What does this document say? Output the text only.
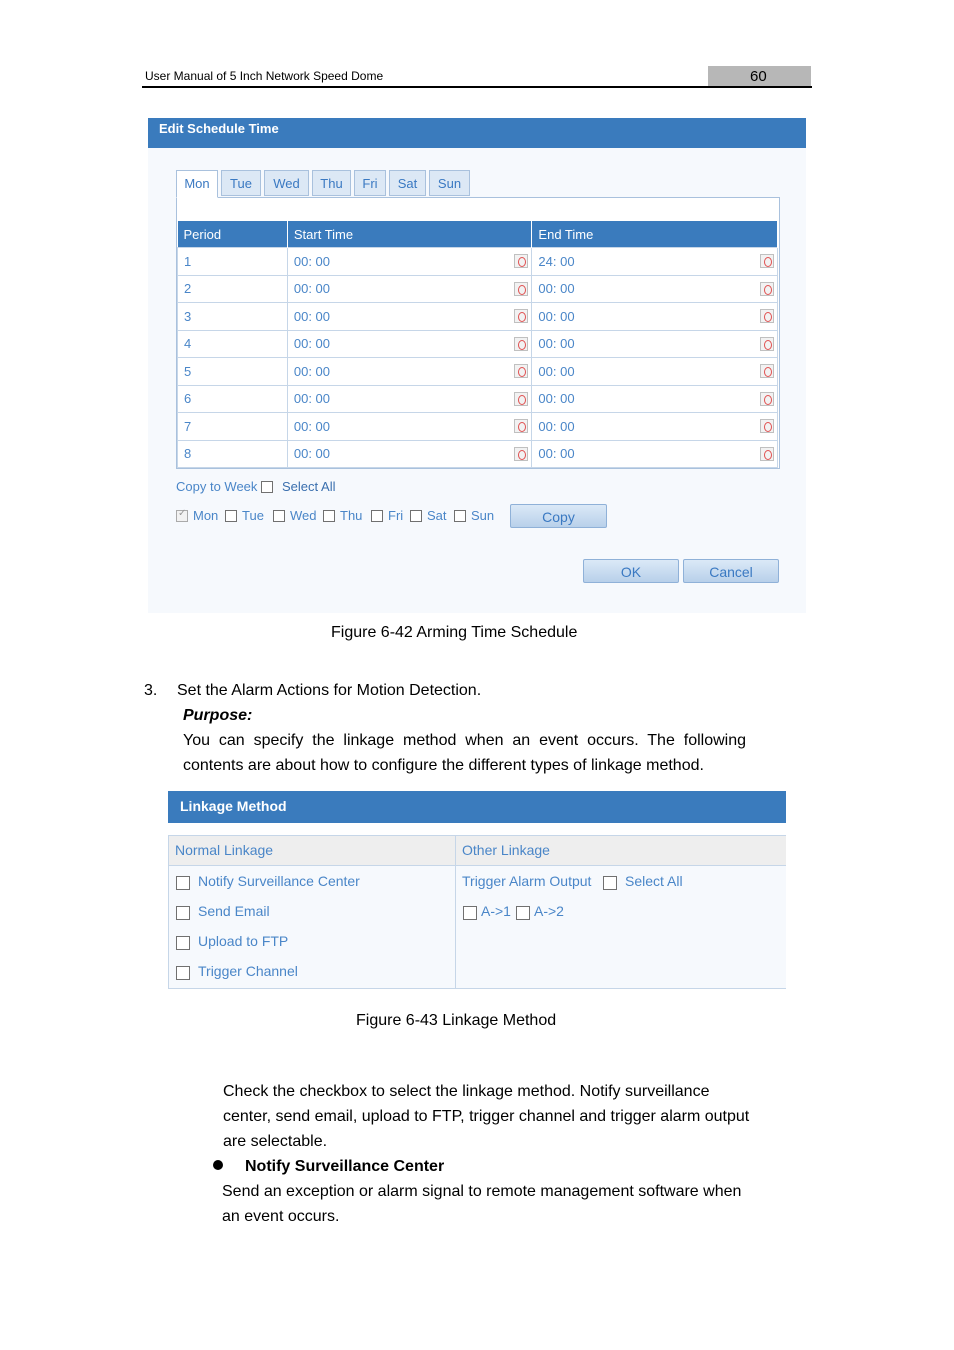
User Manual of 5 Inch Network Speed Dome	60
Edit Schedule Time
Mon	Tue	Wed	Thu	Fri	Sat	Sun
Period	Start Time	End Time
1	00: 00	24: 00

2	00: 00	00: 00

3	00: 00	00: 00

4	00: 00	00: 00

5	00: 00	00: 00

6	00: 00	00: 00

7	00: 00	00: 00

8	00: 00	00: 00
Copy to Week Select All
✓
Mon Tue Wed Thu Fri Sat Sun	Copy
OK	Cancel
Figure 6-42 Arming Time Schedule
3. Set the Alarm Actions for Motion Detection.
Purpose:
You  can  specify  the  linkage  method  when  an  event  occurs.  The  following
contents are about how to configure the different types of linkage method.
Linkage Method
Normal Linkage	Other Linkage
Notify Surveillance Center
Send Email
Upload to FTP
Trigger Channel
Trigger Alarm Output Select All
A->1 A->2
Figure 6-43 Linkage Method
Check the checkbox to select the linkage method. Notify surveillance
center, send email, upload to FTP, trigger channel and trigger alarm output
are selectable.
Notify Surveillance Center
Send an exception or alarm signal to remote management software when
an event occurs.
